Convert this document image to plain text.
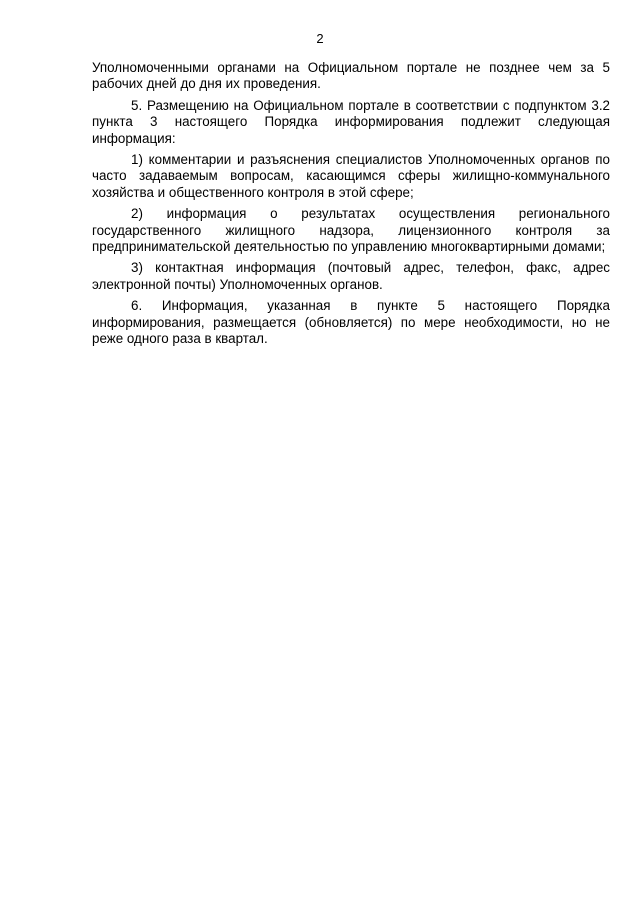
2

Уполномоченными органами на Официальном портале не позднее чем за 5 рабочих дней до дня их проведения.

5. Размещению на Официальном портале в соответствии с подпунктом 3.2 пункта 3 настоящего Порядка информирования подлежит следующая информация:

1) комментарии и разъяснения специалистов Уполномоченных органов по часто задаваемым вопросам, касающимся сферы жилищно-коммунального хозяйства и общественного контроля в этой сфере;

2) информация о результатах осуществления регионального государственного жилищного надзора, лицензионного контроля за предпринимательской деятельностью по управлению многоквартирными домами;

3) контактная информация (почтовый адрес, телефон, факс, адрес электронной почты) Уполномоченных органов.

6. Информация, указанная в пункте 5 настоящего Порядка информирования, размещается (обновляется) по мере необходимости, но не реже одного раза в квартал.
